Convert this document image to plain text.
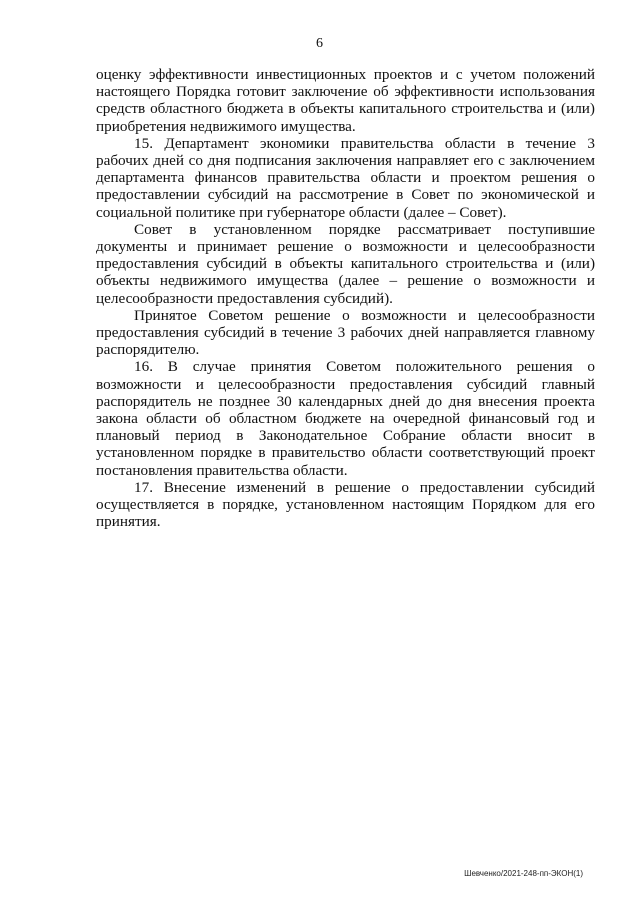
6

оценку эффективности инвестиционных проектов и с учетом положений настоящего Порядка готовит заключение об эффективности использования средств областного бюджета в объекты капитального строительства и (или) приобретения недвижимого имущества.

15. Департамент экономики правительства области в течение 3 рабочих дней со дня подписания заключения направляет его с заключением департамента финансов правительства области и проектом решения о предоставлении субсидий на рассмотрение в Совет по экономической и социальной политике при губернаторе области (далее – Совет).

Совет в установленном порядке рассматривает поступившие документы и принимает решение о возможности и целесообразности предоставления субсидий в объекты капитального строительства и (или) объекты недвижимого имущества (далее – решение о возможности и целесообразности предоставления субсидий).

Принятое Советом решение о возможности и целесообразности предоставления субсидий в течение 3 рабочих дней направляется главному распорядителю.

16. В случае принятия Советом положительного решения о возможности и целесообразности предоставления субсидий главный распорядитель не позднее 30 календарных дней до дня внесения проекта закона области об областном бюджете на очередной финансовый год и плановый период в Законодательное Собрание области вносит в установленном порядке в правительство области соответствующий проект постановления правительства области.

17. Внесение изменений в решение о предоставлении субсидий осуществляется в порядке, установленном настоящим Порядком для его принятия.

Шевченко/2021-248-пп-ЭКОН(1)
